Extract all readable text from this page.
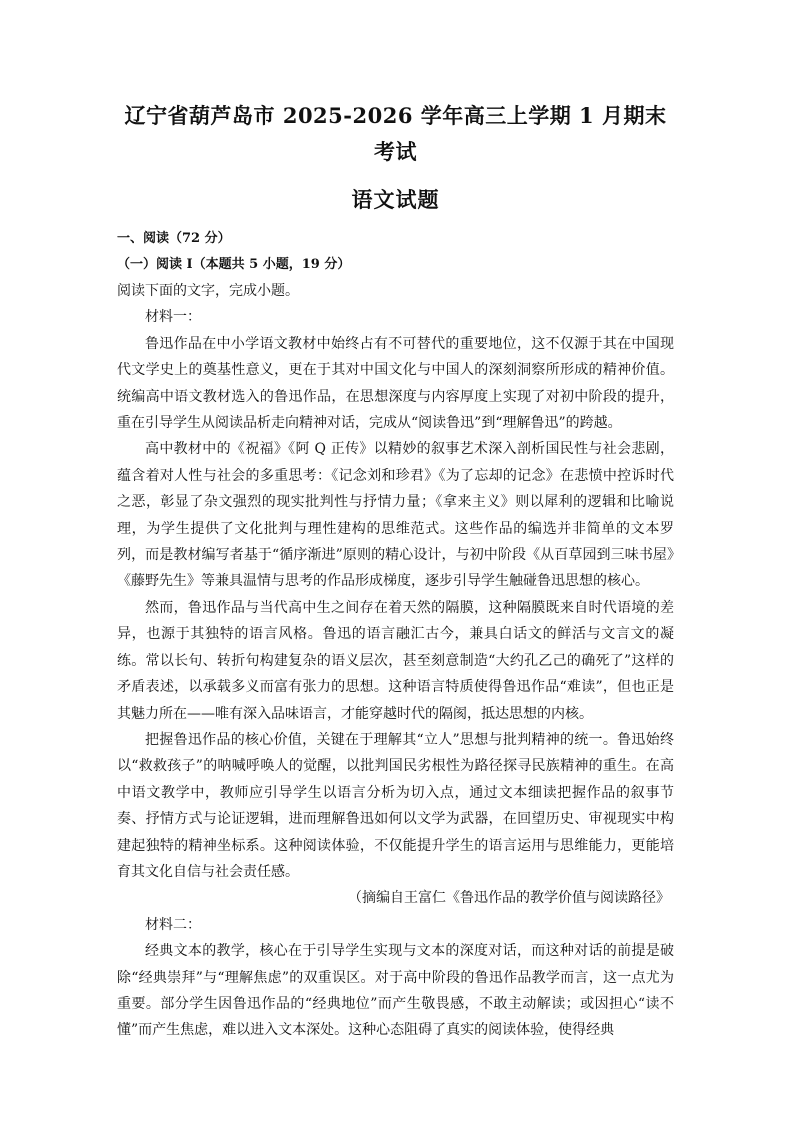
辽宁省葫芦岛市 2025-2026 学年高三上学期 1 月期末考试
语文试题

一、阅读（72 分）

（一）阅读 I（本题共 5 小题，19 分）

阅读下面的文字，完成小题。

材料一：

鲁迅作品在中小学语文教材中始终占有不可替代的重要地位，这不仅源于其在中国现代文学史上的奠基性意义，更在于其对中国文化与中国人的深刻洞察所形成的精神价值。统编高中语文教材选入的鲁迅作品，在思想深度与内容厚度上实现了对初中阶段的提升，重在引导学生从阅读品析走向精神对话，完成从“阅读鲁迅”到“理解鲁迅”的跨越。

高中教材中的《祝福》《阿 Q 正传》以精妙的叙事艺术深入剖析国民性与社会悲剧，蕴含着对人性与社会的多重思考：《记念刘和珍君》《为了忘却的记念》在悲愤中控诉时代之恶，彰显了杂文强烈的现实批判性与抒情力量；《拿来主义》则以犀利的逻辑和比喻说理，为学生提供了文化批判与理性建构的思维范式。这些作品的编选并非简单的文本罗列，而是教材编写者基于“循序渐进”原则的精心设计，与初中阶段《从百草园到三味书屋》《藤野先生》等兼具温情与思考的作品形成梯度，逐步引导学生触碰鲁迅思想的核心。

然而，鲁迅作品与当代高中生之间存在着天然的隔膜，这种隔膜既来自时代语境的差异，也源于其独特的语言风格。鲁迅的语言融汇古今，兼具白话文的鲜活与文言文的凝练。常以长句、转折句构建复杂的语义层次，甚至刻意制造“大约孔乙己的确死了”这样的矛盾表述，以承载多义而富有张力的思想。这种语言特质使得鲁迅作品“难读”，但也正是其魅力所在——唯有深入品味语言，才能穿越时代的隔阂，抵达思想的内核。

把握鲁迅作品的核心价值，关键在于理解其“立人”思想与批判精神的统一。鲁迅始终以“救救孩子”的呐喊呼唤人的觉醒，以批判国民劣根性为路径探寻民族精神的重生。在高中语文教学中，教师应引导学生以语言分析为切入点，通过文本细读把握作品的叙事节奏、抒情方式与论证逻辑，进而理解鲁迅如何以文学为武器，在回望历史、审视现实中构建起独特的精神坐标系。这种阅读体验，不仅能提升学生的语言运用与思维能力，更能培育其文化自信与社会责任感。

（摘编自王富仁《鲁迅作品的教学价值与阅读路径》

材料二：

经典文本的教学，核心在于引导学生实现与文本的深度对话，而这种对话的前提是破除“经典崇拜”与“理解焦虑”的双重误区。对于高中阶段的鲁迅作品教学而言，这一点尤为重要。部分学生因鲁迅作品的“经典地位”而产生敬畏感，不敢主动解读；或因担心“读不懂”而产生焦虑，难以进入文本深处。这种心态阻碍了真实的阅读体验，使得经典
